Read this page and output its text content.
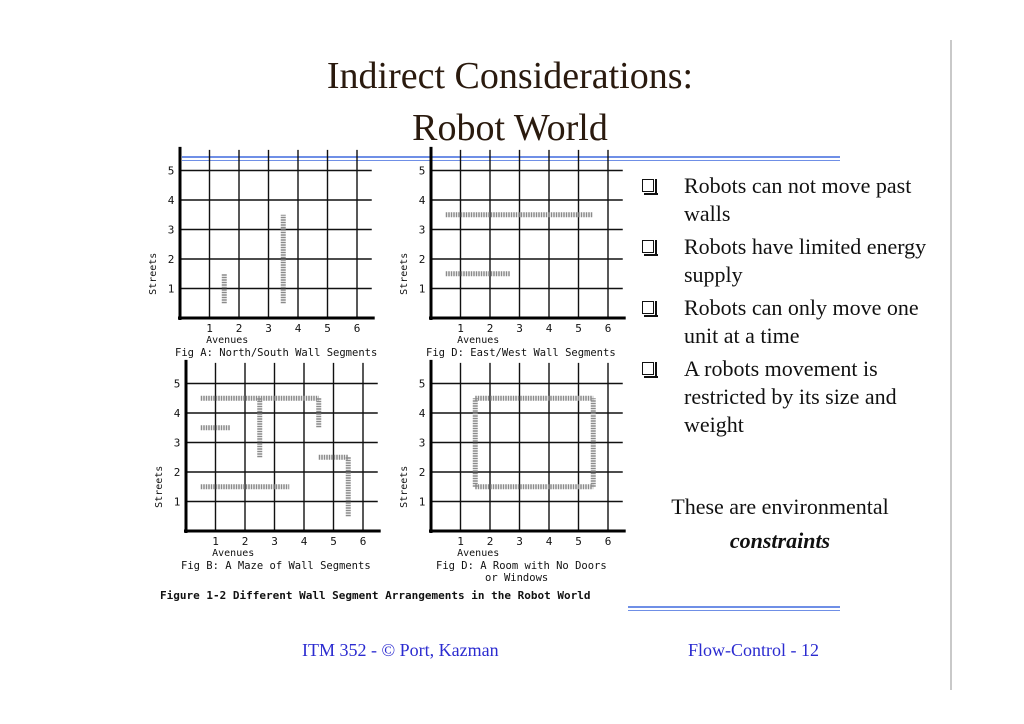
Indirect Considerations:
Robot World
1 2 3 4 5 6
1
2
3
4
5
Avenues
Streets
Fig A: North/South Wall Segments
1 2 3 4 5 6
1
2
3
4
5
Avenues
Streets
Fig D: East/West Wall Segments
1 2 3 4 5 6
1
2
3
4
5
Avenues
Streets
Fig B: A Maze of Wall Segments
1 2 3 4 5 6
1
2
3
4
5
Avenues
Streets
Fig D: A Room with No Doors
or Windows
Figure 1-2 Different Wall Segment Arrangements in the Robot World
Robots can not move past walls
Robots have limited energy supply
Robots can only move one unit at a time
A robots movement is restricted by its size and weight
These are environmental
constraints
ITM 352 - © Port, Kazman	Flow-Control - 12
